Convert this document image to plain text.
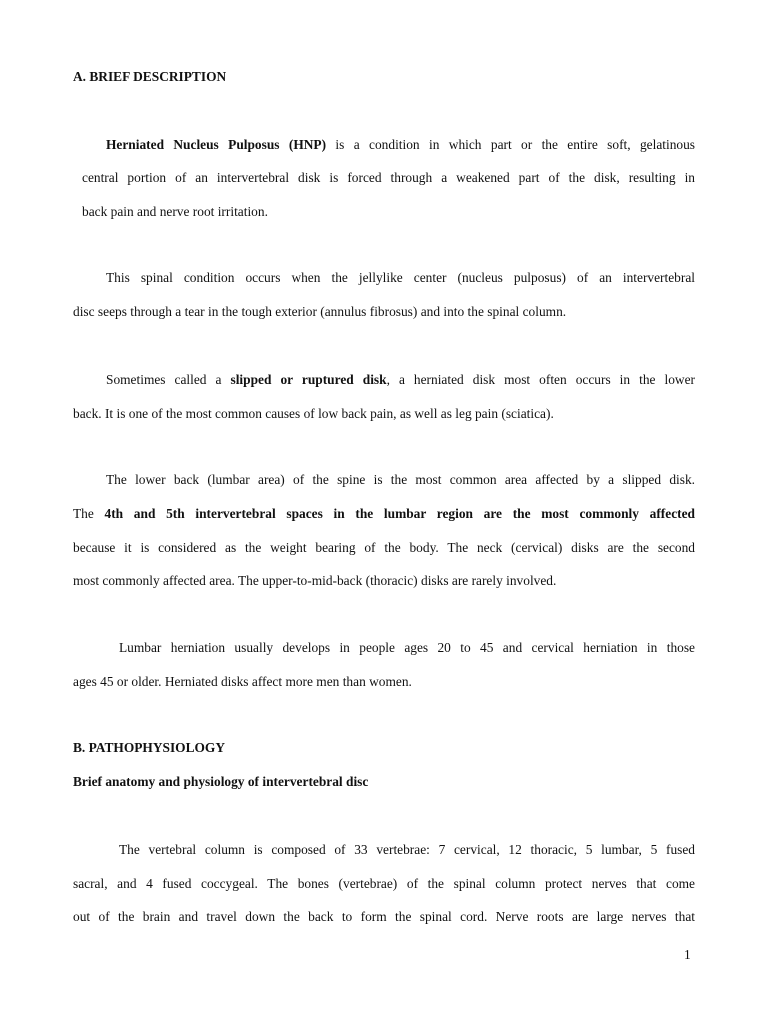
A. BRIEF DESCRIPTION
Herniated Nucleus Pulposus (HNP) is a condition in which part or the entire soft, gelatinous
central portion of an intervertebral disk is forced through a weakened part of the disk, resulting in
back pain and nerve root irritation.
This spinal condition occurs when the jellylike center (nucleus pulposus) of an intervertebral
disc seeps through a tear in the tough exterior (annulus fibrosus) and into the spinal column.
Sometimes called a slipped or ruptured disk, a herniated disk most often occurs in the lower
back. It is one of the most common causes of low back pain, as well as leg pain (sciatica).
The lower back (lumbar area) of the spine is the most common area affected by a slipped disk.
The 4th and 5th intervertebral spaces in the lumbar region are the most commonly affected
because it is considered as the weight bearing of the body. The neck (cervical) disks are the second
most commonly affected area. The upper-to-mid-back (thoracic) disks are rarely involved.
Lumbar herniation usually develops in people ages 20 to 45 and cervical herniation in those
ages 45 or older. Herniated disks affect more men than women.
B. PATHOPHYSIOLOGY
Brief anatomy and physiology of intervertebral disc
The vertebral column is composed of 33 vertebrae: 7 cervical, 12 thoracic, 5 lumbar, 5 fused
sacral, and 4 fused coccygeal. The bones (vertebrae) of the spinal column protect nerves that come
out of the brain and travel down the back to form the spinal cord. Nerve roots are large nerves that
1
